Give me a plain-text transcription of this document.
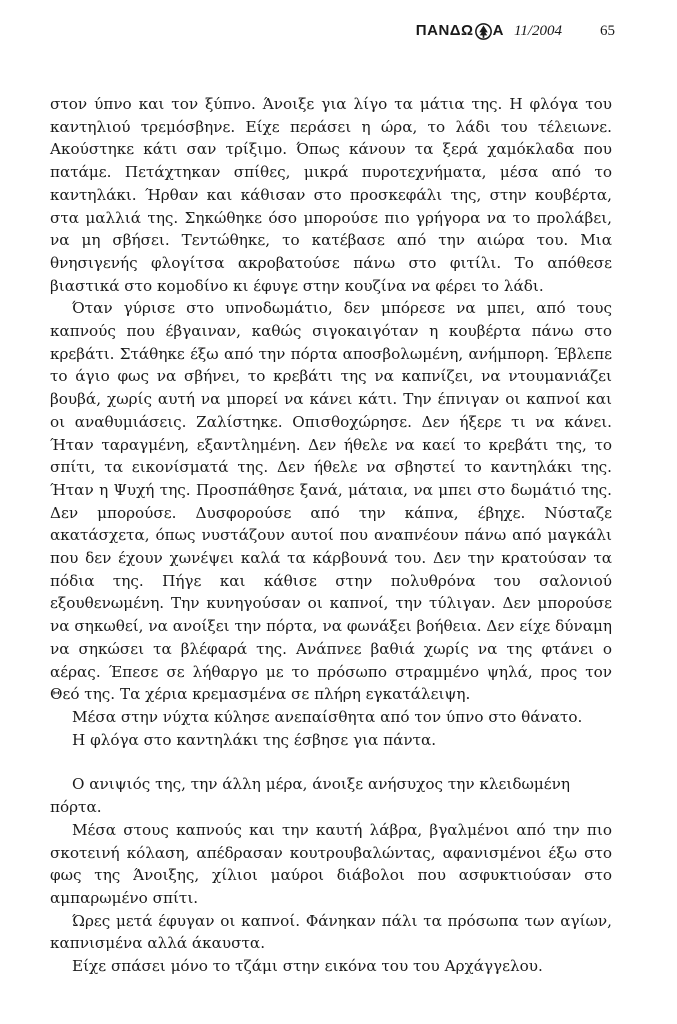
ΠΑΝΔΩ Α 11/2004	65

στον ύπνο και τον ξύπνο. Άνοιξε για λίγο τα μάτια της. Η φλόγα του καντηλιού τρεμόσβηνε. Είχε περάσει η ώρα, το λάδι του τέλειωνε. Ακούστηκε κάτι σαν τρίξιμο. Όπως κάνουν τα ξερά χαμόκλαδα που πατάμε. Πετάχτηκαν σπίθες, μικρά πυροτεχνήματα, μέσα από το καντηλάκι. Ήρθαν και κάθισαν στο προσκεφάλι της, στην κουβέρτα, στα μαλλιά της. Σηκώθηκε όσο μπορούσε πιο γρήγορα να το προλάβει, να μη σβήσει. Τεντώθηκε, το κατέβασε από την αιώρα του. Μια θνησιγενής φλογίτσα ακροβατούσε πάνω στο φιτίλι. Το απόθεσε βιαστικά στο κομοδίνο κι έφυγε στην κουζίνα να φέρει το λάδι.

Όταν γύρισε στο υπνοδωμάτιο, δεν μπόρεσε να μπει, από τους καπνούς που έβγαιναν, καθώς σιγοκαιγόταν η κουβέρτα πάνω στο κρεβάτι. Στάθηκε έξω από την πόρτα αποσβολωμένη, ανήμπορη. Έβλεπε το άγιο φως να σβήνει, το κρεβάτι της να καπνίζει, να ντουμανιάζει βουβά, χωρίς αυτή να μπορεί να κάνει κάτι. Την έπνιγαν οι καπνοί και οι αναθυμιάσεις. Ζαλίστηκε. Οπισθοχώρησε. Δεν ήξερε τι να κάνει. Ήταν ταραγμένη, εξαντλημένη. Δεν ήθελε να καεί το κρεβάτι της, το σπίτι, τα εικονίσματά της. Δεν ήθελε να σβηστεί το καντηλάκι της. Ήταν η Ψυχή της. Προσπάθησε ξανά, μάταια, να μπει στο δωμάτιό της. Δεν μπορούσε. Δυσφορούσε από την κάπνα, έβηχε. Νύσταζε ακατάσχετα, όπως νυστάζουν αυτοί που αναπνέουν πάνω από μαγκάλι που δεν έχουν χωνέψει καλά τα κάρβουνά του. Δεν την κρατούσαν τα πόδια της. Πήγε και κάθισε στην πολυθρόνα του σαλονιού εξουθενωμένη. Την κυνηγούσαν οι καπνοί, την τύλιγαν. Δεν μπορούσε να σηκωθεί, να ανοίξει την πόρτα, να φωνάξει βοήθεια. Δεν είχε δύναμη να σηκώσει τα βλέφαρά της. Ανάπνεε βαθιά χωρίς να της φτάνει ο αέρας. Έπεσε σε λήθαργο με το πρόσωπο στραμμένο ψηλά, προς τον Θεό της. Τα χέρια κρεμασμένα σε πλήρη εγκατάλειψη.

Μέσα στην νύχτα κύλησε ανεπαίσθητα από τον ύπνο στο θάνατο.

Η φλόγα στο καντηλάκι της έσβησε για πάντα.

Ο ανιψιός της, την άλλη μέρα, άνοιξε ανήσυχος την κλειδωμένη πόρτα.

Μέσα στους καπνούς και την καυτή λάβρα, βγαλμένοι από την πιο σκοτεινή κόλαση, απέδρασαν κουτρουβαλώντας, αφανισμένοι έξω στο φως της Άνοιξης, χίλιοι μαύροι διάβολοι που ασφυκτιούσαν στο αμπαρωμένο σπίτι.

Ώρες μετά έφυγαν οι καπνοί. Φάνηκαν πάλι τα πρόσωπα των αγίων, καπνισμένα αλλά άκαυστα.

Είχε σπάσει μόνο το τζάμι στην εικόνα του του Αρχάγγελου.
